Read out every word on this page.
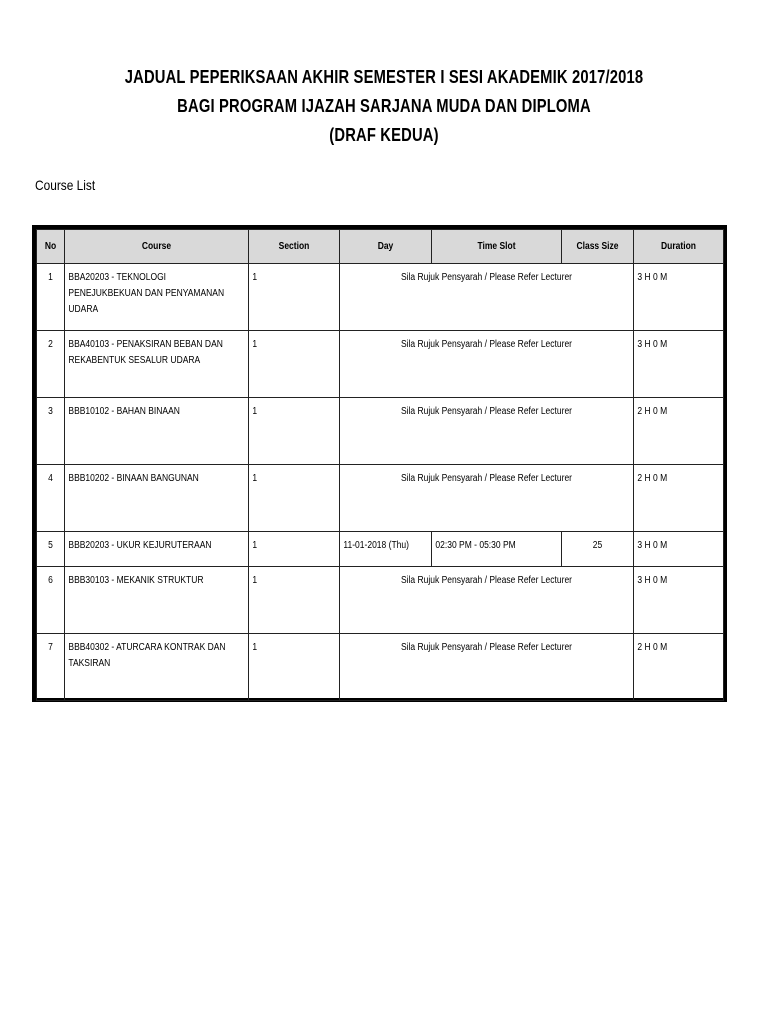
JADUAL PEPERIKSAAN AKHIR SEMESTER I SESI AKADEMIK 2017/2018
BAGI PROGRAM IJAZAH SARJANA MUDA DAN DIPLOMA
(DRAF KEDUA)
Course List
No	Course	Section	Day	Time Slot	Class Size	Duration

1	BBA20203 - TEKNOLOGI PENEJUKBEKUAN DAN PENYAMANAN UDARA	1	Sila Rujuk Pensyarah / Please Refer Lecturer			3 H 0 M

2	BBA40103 - PENAKSIRAN BEBAN DAN REKABENTUK SESALUR UDARA	1	Sila Rujuk Pensyarah / Please Refer Lecturer			3 H 0 M

3	BBB10102 - BAHAN BINAAN	1	Sila Rujuk Pensyarah / Please Refer Lecturer			2 H 0 M

4	BBB10202 - BINAAN BANGUNAN	1	Sila Rujuk Pensyarah / Please Refer Lecturer			2 H 0 M

5	BBB20203 - UKUR KEJURUTERAAN	1	11-01-2018 (Thu)	02:30 PM - 05:30 PM	25	3 H 0 M

6	BBB30103 - MEKANIK STRUKTUR	1	Sila Rujuk Pensyarah / Please Refer Lecturer			3 H 0 M

7	BBB40302 - ATURCARA KONTRAK DAN TAKSIRAN	1	Sila Rujuk Pensyarah / Please Refer Lecturer			2 H 0 M
